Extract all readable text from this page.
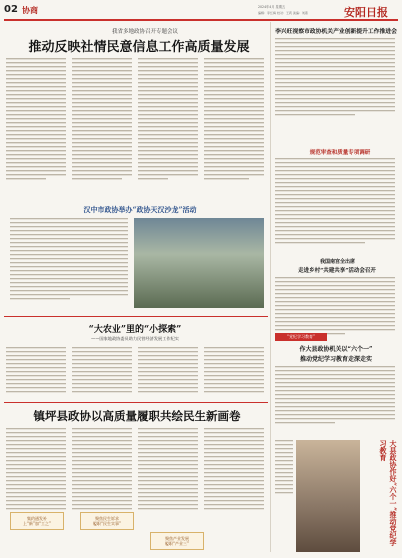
02 协商	2024年4月 星期五
编辑：李红梅 校对：王莉 美编：刘燕	安阳日报
我省多地政协召开专题会议
推动反映社情民意信息工作高质量发展
李兴旺视察市政协机关产业创新提升工作推进会
规范审查和质量专项调研
我国南宫全出席
走进乡村“共建共享”活动会召开
“党纪学习教育”
作大县政协机关以“六个一”
推动党纪学习教育走深走实
大县政协作好“六个一”推动党纪学习教育
汉中市政协举办“政协天汉沙龙”活动
“大农业”里的“小探索”
——国家地政协委员助力民营经济发展工作纪实
镇坪县政协以高质量履职共绘民生新画卷
集约通发补
上“新”加“工之”
聚焦民生诉求
履职“民生实事”
聚焦产业发展
履职“产业三”
